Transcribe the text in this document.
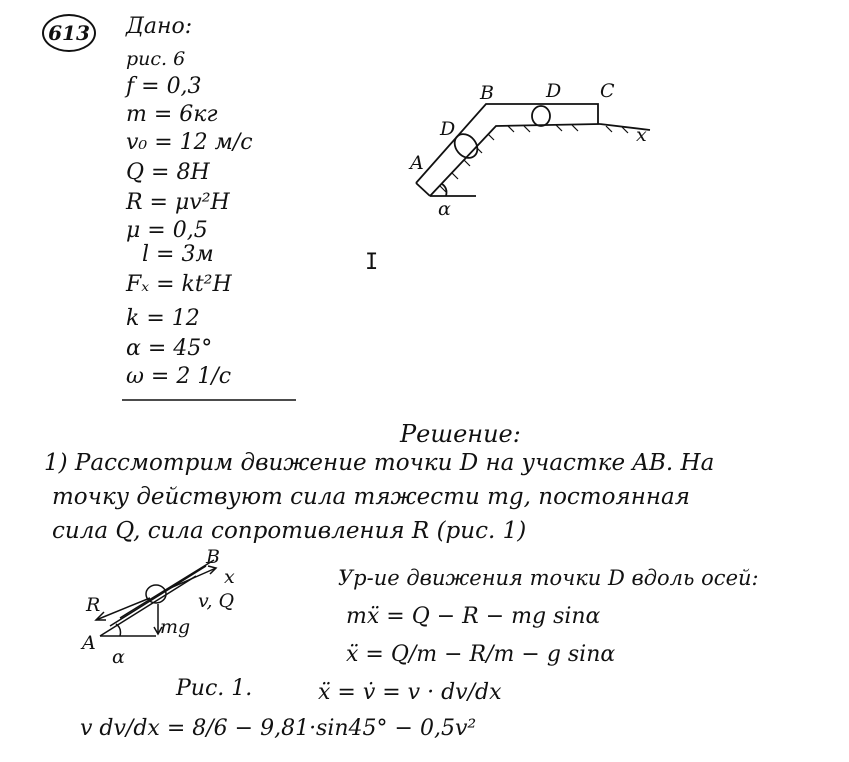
613 Дано:
рис. 6
f = 0,3
m = 6кг
v₀ = 12 м/с
Q = 8H
R = μv²H
μ = 0,5
l = 3м
Fₓ = kt²H
k = 12
α = 45°
ω = 2 1/c
B	D C
D
A
x
α
I
Решение:
1) Рассмотрим движение точки D на участке AB. На
точку действуют сила тяжести mg, постоянная
сила Q, сила сопротивления R (рис. 1)
Ур-ие движения точки D вдоль осей:
mẍ = Q − R − mg sinα
ẍ = Q/m − R/m − g sinα
ẍ = v̇ = v · dv/dx
v dv/dx = 8/6 − 9,81·sin45° − 0,5v²
B
x
v, Q
R
mg
A
α
Рис. 1.
